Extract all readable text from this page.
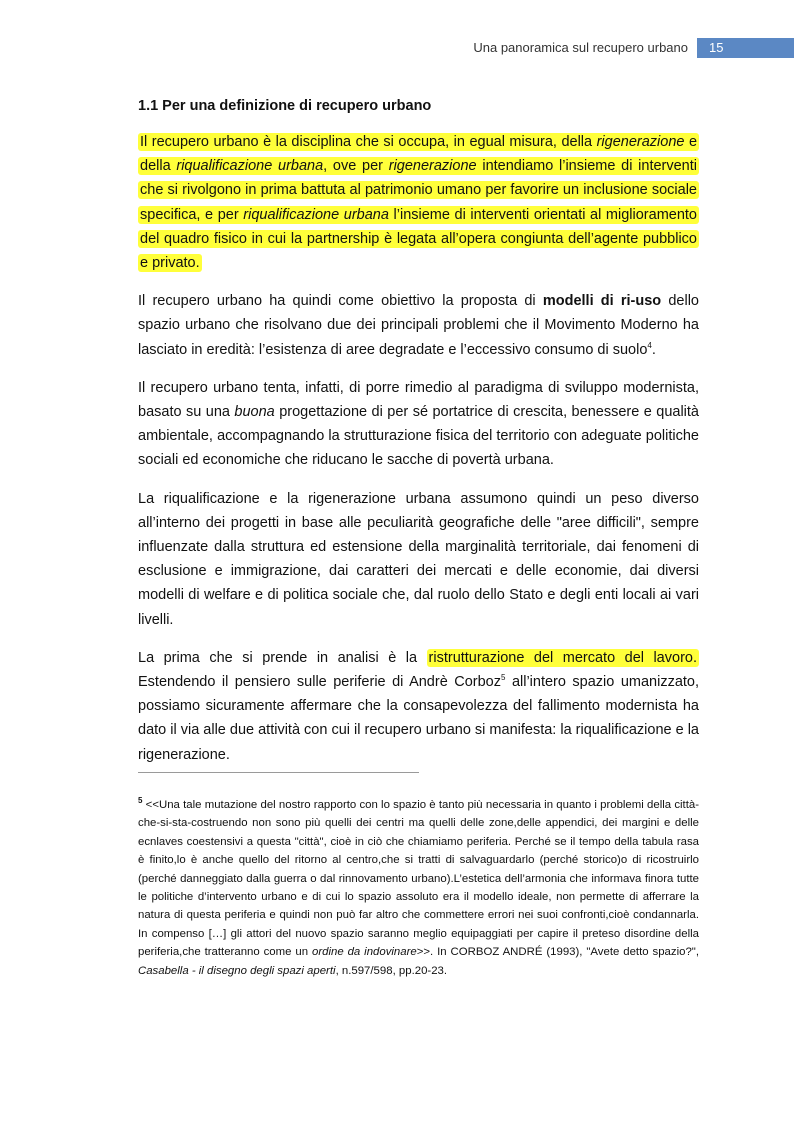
Una panoramica sul recupero urbano	15
1.1 Per una definizione di recupero urbano

Il recupero urbano è la disciplina che si occupa, in egual misura, della rigenerazione e della riqualificazione urbana, ove per rigenerazione intendiamo l’insieme di interventi che si rivolgono in prima battuta al patrimonio umano per favorire un inclusione sociale specifica, e per riqualificazione urbana l’insieme di interventi orientati al miglioramento del quadro fisico in cui la partnership è legata all’opera congiunta dell’agente pubblico e privato.

Il recupero urbano ha quindi come obiettivo la proposta di modelli di ri-uso dello spazio urbano che risolvano due dei principali problemi che il Movimento Moderno ha lasciato in eredità: l’esistenza di aree degradate e l’eccessivo consumo di suolo$^4$.

Il recupero urbano tenta, infatti, di porre rimedio al paradigma di sviluppo modernista, basato su una buona progettazione di per sé portatrice di crescita, benessere e qualità ambientale, accompagnando la strutturazione fisica del territorio con adeguate politiche sociali ed economiche che riducano le sacche di povertà urbana.

La riqualificazione e la rigenerazione urbana assumono quindi un peso diverso all’interno dei progetti in base alle peculiarità geografiche delle "aree difficili", sempre influenzate dalla struttura ed estensione della marginalità territoriale, dai fenomeni di esclusione e immigrazione, dai caratteri dei mercati e delle economie, dai diversi modelli di welfare e di politica sociale che, dal ruolo dello Stato e degli enti locali ai vari livelli.

La prima che si prende in analisi è la ristrutturazione del mercato del lavoro. Estendendo il pensiero sulle periferie di Andrè Corboz$^5$ all’intero spazio umanizzato, possiamo sicuramente affermare che la consapevolezza del fallimento modernista ha dato il via alle due attività con cui il recupero urbano si manifesta: la riqualificazione e la rigenerazione.

$^5$ <<Una tale mutazione del nostro rapporto con lo spazio è tanto più necessaria in quanto i problemi della città-che-si-sta-costruendo non sono più quelli dei centri ma quelli delle zone,delle appendici, dei margini e delle ecnlaves coestensivi a questa "città", cioè in ciò che chiamiamo periferia. Perché se il tempo della tabula rasa è finito,lo è anche quello del ritorno al centro,che si tratti di salvaguardarlo (perché storico)o di ricostruirlo (perché danneggiato dalla guerra o dal rinnovamento urbano).L’estetica dell’armonia che informava finora tutte le politiche d’intervento urbano e di cui lo spazio assoluto era il modello ideale, non permette di afferrare la natura di questa periferia e quindi non può far altro che commettere errori nei suoi confronti,cioè condannarla. In compenso […] gli attori del nuovo spazio saranno meglio equipaggiati per capire il preteso disordine della periferia,che tratteranno come un ordine da indovinare>>. In CORBOZ ANDRÉ (1993), "Avete detto spazio?", Casabella - il disegno degli spazi aperti, n.597/598, pp.20-23.
